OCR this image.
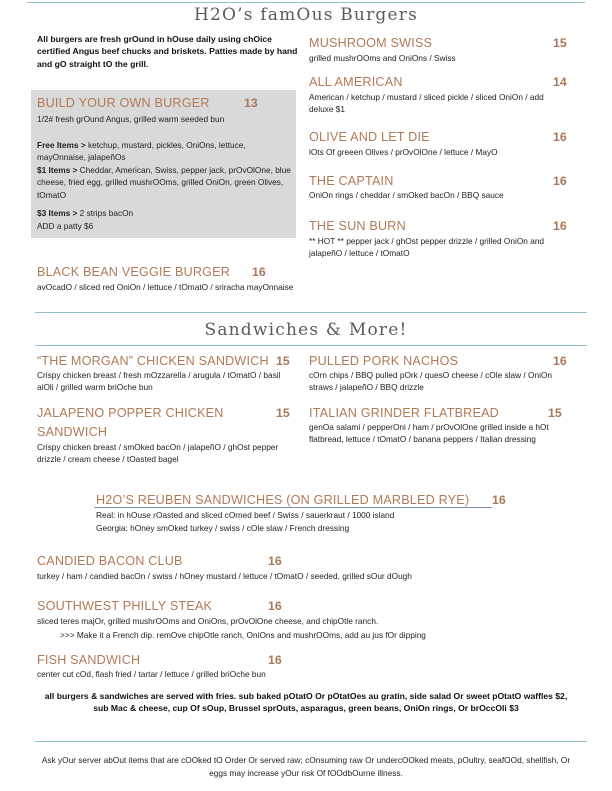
H2O’s famOus Burgers
All burgers are fresh grOund in hOuse daily using chOice certified Angus beef chucks and briskets. Patties made by hand and gO straight tO the grill.
BUILD YOUR OWN BURGER	13
1/2# fresh grOund Angus, grilled warm seeded bun
Free Items > ketchup, mustard, pickles, OniOns, lettuce, mayOnnaise, jalapeñOs
$1 Items > Cheddar, American, Swiss, pepper jack, prOvOlOne, blue cheese, fried egg, grilled mushrOOms, grilled OniOn, green Olives, tOmatO
$3 Items > 2 strips bacOn
ADD a patty $6
BLACK BEAN VEGGIE BURGER 16
avOcadO / sliced red OniOn / lettuce / tOmatO / sriracha mayOnnaise
MUSHROOM SWISS	15
grilled mushrOOms and OniOns / Swiss
ALL AMERICAN	14
American / ketchup / mustard / sliced pickle / sliced OniOn / add deluxe $1
OLIVE AND LET DIE	16
lOts Of greeen Olives / prOvOlOne / lettuce / MayO
THE CAPTAIN	16
OniOn rings / cheddar / smOked bacOn / BBQ sauce
THE SUN BURN	16
** HOT ** pepper jack / ghOst pepper drizzle / grilled OniOn and jalapeñO / lettuce / tOmatO
Sandwiches & More!
“THE MORGAN” CHICKEN SANDWICH 15
Crispy chicken breast / fresh mOzzarella / arugula / tOmatO / basil aiOli / grilled warm briOche bun
JALAPENO POPPER CHICKEN	15
SANDWICH
Crispy chicken breast / smOked bacOn / jalapeñO / ghOst pepper drizzle / cream cheese / tOasted bagel
PULLED PORK NACHOS	16
cOrn chips / BBQ pulled pOrk / quesO cheese / cOle slaw / OniOn straws / jalapeñO / BBQ drizzle
ITALIAN GRINDER FLATBREAD	15
genOa salami / pepperOni / ham / prOvOlOne grilled inside a hOt flatbread, lettuce / tOmatO / banana peppers / Italian dressing
H2O’S REUBEN SANDWICHES (ON GRILLED MARBLED RYE) 16
Real: in hOuse rOasted and sliced cOrned beef / Swiss / sauerkraut / 1000 island
Georgia: hOney smOked turkey / swiss / cOle slaw / French dressing
CANDIED BACON CLUB	16
turkey / ham / candied bacOn / swiss / hOney mustard / lettuce / tOmatO / seeded, grilled sOur dOugh
SOUTHWEST PHILLY STEAK	16
sliced teres majOr, grilled mushrOOms and OniOns, prOvOlOne cheese, and chipOtle ranch.
>>> Make it a French dip. remOve chipOtle ranch, OniOns and mushrOOms, add au jus fOr dipping
FISH SANDWICH	16
center cut cOd, flash fried / tartar / lettuce / grilled briOche bun
all burgers & sandwiches are served with fries. sub baked pOtatO Or pOtatOes au gratin, side salad Or sweet pOtatO waffles $2, sub Mac & cheese, cup Of sOup, Brussel sprOuts, asparagus, green beans, OniOn rings, Or brOccOli $3
Ask yOur server abOut items that are cOOked tO Order Or served raw; cOnsuming raw Or undercOOked meats, pOultry, seafOOd, shellfish, Or eggs may increase yOur risk Of fOOdbOurne illness.
